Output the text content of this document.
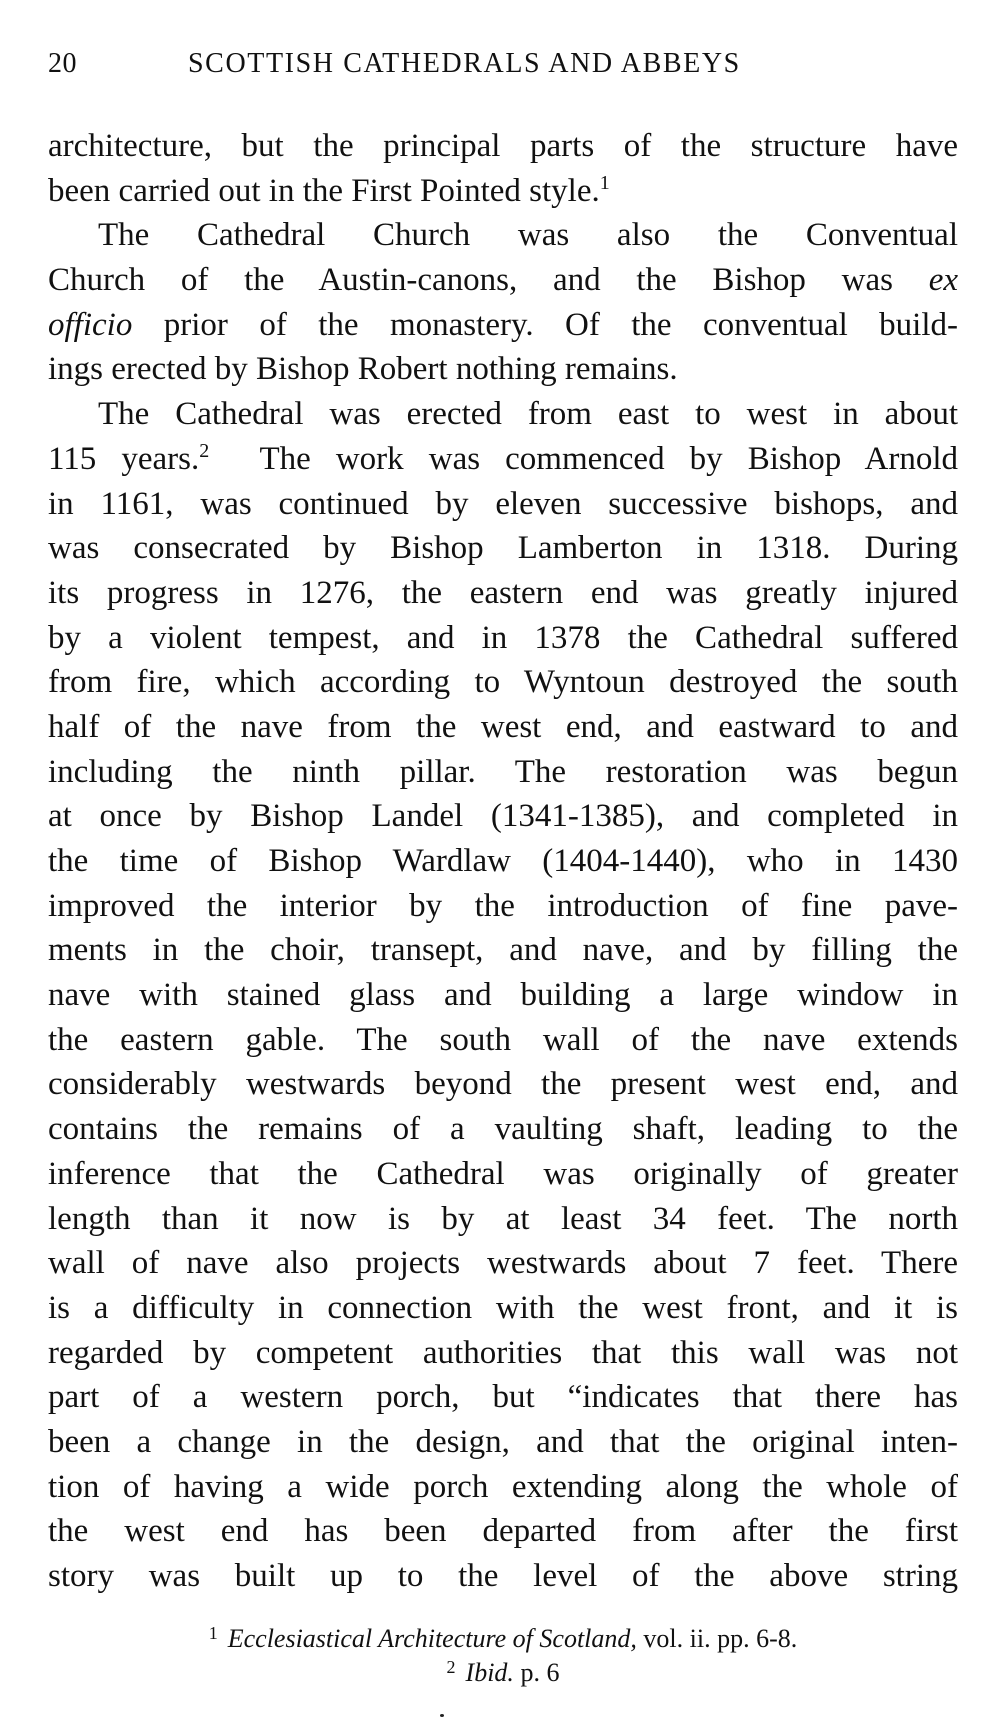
20	SCOTTISH CATHEDRALS AND ABBEYS
architecture, but the principal parts of the structure have
been carried out in the First Pointed style.$^1$
The Cathedral Church was also the Conventual
Church of the Austin-canons, and the Bishop was ex
officio prior of the monastery. Of the conventual build-
ings erected by Bishop Robert nothing remains.
The Cathedral was erected from east to west in about
115 years.$^2$ The work was commenced by Bishop Arnold
in 1161, was continued by eleven successive bishops, and
was consecrated by Bishop Lamberton in 1318. During
its progress in 1276, the eastern end was greatly injured
by a violent tempest, and in 1378 the Cathedral suffered
from fire, which according to Wyntoun destroyed the south
half of the nave from the west end, and eastward to and
including the ninth pillar. The restoration was begun
at once by Bishop Landel (1341-1385), and completed in
the time of Bishop Wardlaw (1404-1440), who in 1430
improved the interior by the introduction of fine pave-
ments in the choir, transept, and nave, and by filling the
nave with stained glass and building a large window in
the eastern gable. The south wall of the nave extends
considerably westwards beyond the present west end, and
contains the remains of a vaulting shaft, leading to the
inference that the Cathedral was originally of greater
length than it now is by at least 34 feet. The north
wall of nave also projects westwards about 7 feet. There
is a difficulty in connection with the west front, and it is
regarded by competent authorities that this wall was not
part of a western porch, but “indicates that there has
been a change in the design, and that the original inten-
tion of having a wide porch extending along the whole of
the west end has been departed from after the first
story was built up to the level of the above string
$^1$ Ecclesiastical Architecture of Scotland, vol. ii. pp. 6-8.
$^2$ Ibid. p. 6
